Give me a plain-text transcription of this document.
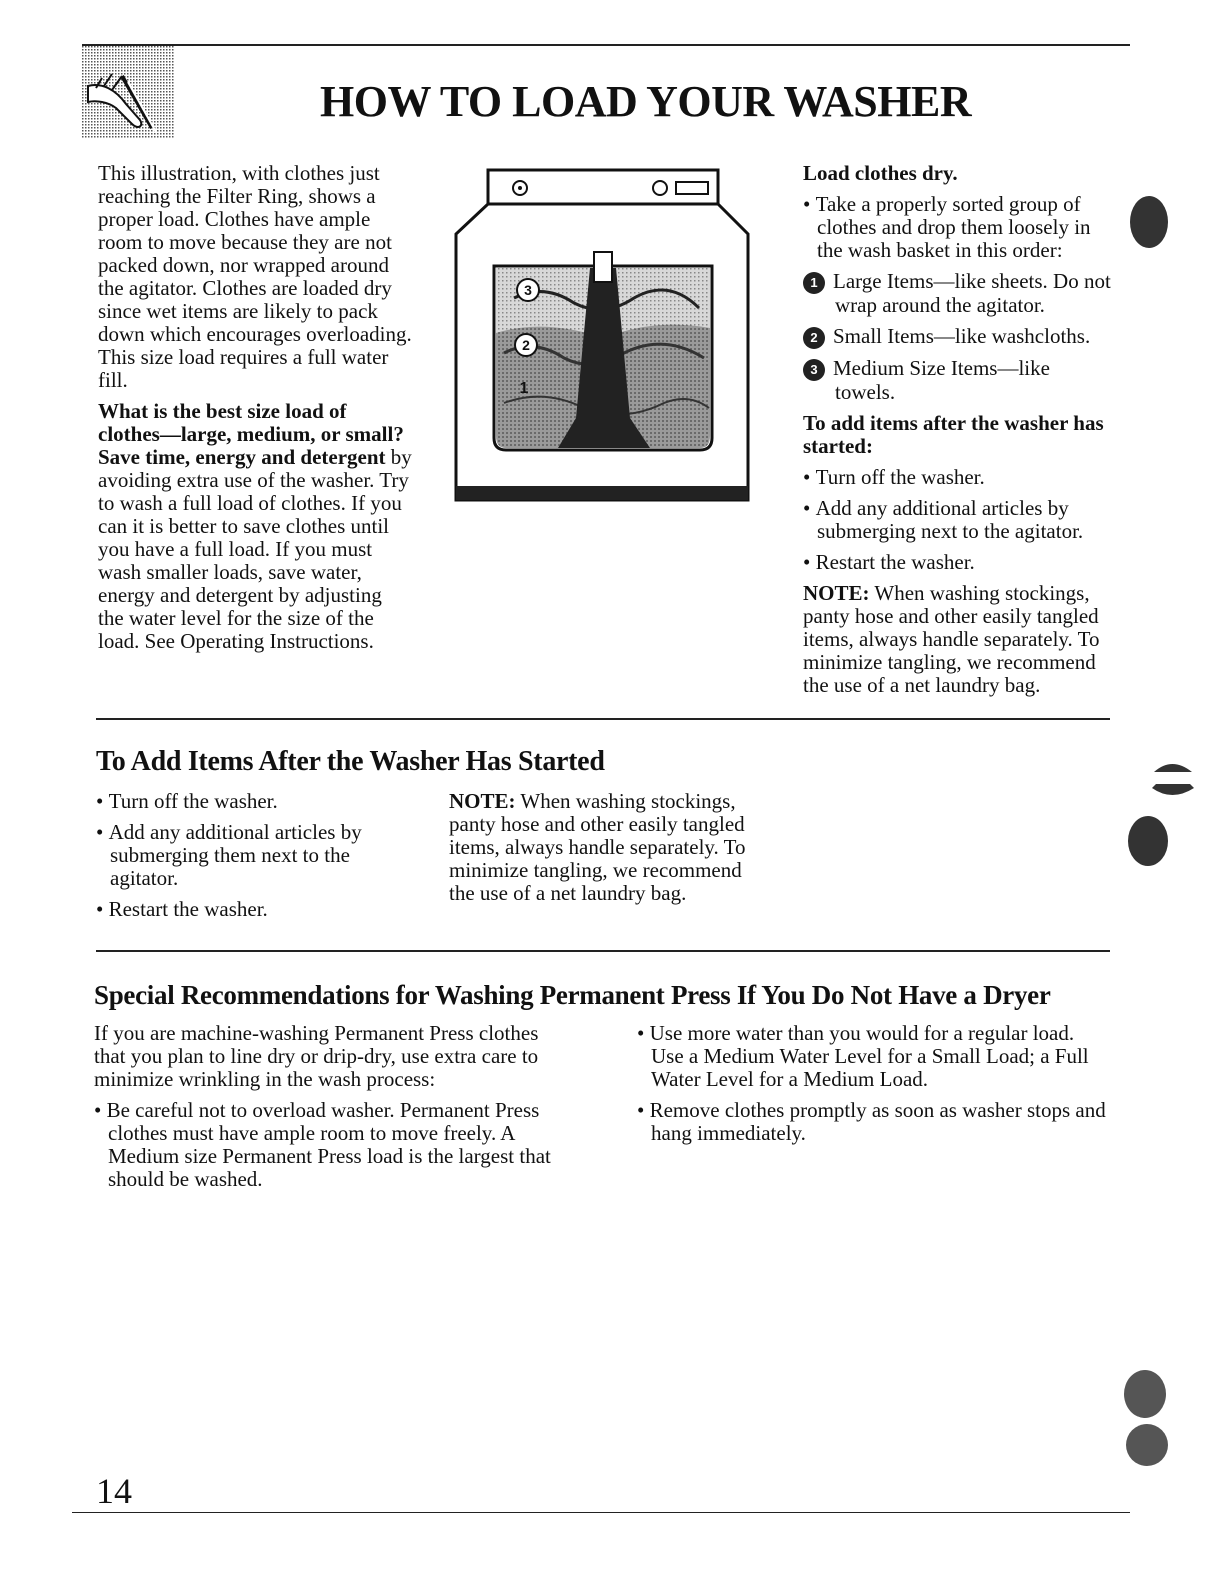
HOW TO LOAD YOUR WASHER

This illustration, with clothes just reaching the Filter Ring, shows a proper load. Clothes have ample room to move because they are not packed down, nor wrapped around the agitator. Clothes are loaded dry since wet items are likely to pack down which encourages overloading. This size load requires a full water fill.

What is the best size load of clothes—large, medium, or small? Save time, energy and detergent by avoiding extra use of the washer. Try to wash a full load of clothes. If you can it is better to save clothes until you have a full load. If you must wash smaller loads, save water, energy and detergent by adjusting the water level for the size of the load. See Operating Instructions.

3
2
1

Load clothes dry.

• Take a properly sorted group of clothes and drop them loosely in the wash basket in this order:
1 Large Items—like sheets. Do not wrap around the agitator.
2 Small Items—like washcloths.
3 Medium Size Items—like towels.

To add items after the washer has started:

• Turn off the washer.
• Add any additional articles by submerging next to the agitator.
• Restart the washer.

NOTE: When washing stockings, panty hose and other easily tangled items, always handle separately. To minimize tangling, we recommend the use of a net laundry bag.

To Add Items After the Washer Has Started
• Turn off the washer.
• Add any additional articles by submerging them next to the agitator.
• Restart the washer.

NOTE: When washing stockings, panty hose and other easily tangled items, always handle separately. To minimize tangling, we recommend the use of a net laundry bag.

Special Recommendations for Washing Permanent Press If You Do Not Have a Dryer

If you are machine-washing Permanent Press clothes that you plan to line dry or drip-dry, use extra care to minimize wrinkling in the wash process:

• Be careful not to overload washer. Permanent Press clothes must have ample room to move freely. A Medium size Permanent Press load is the largest that should be washed.
• Use more water than you would for a regular load. Use a Medium Water Level for a Small Load; a Full Water Level for a Medium Load.
• Remove clothes promptly as soon as washer stops and hang immediately.
14
